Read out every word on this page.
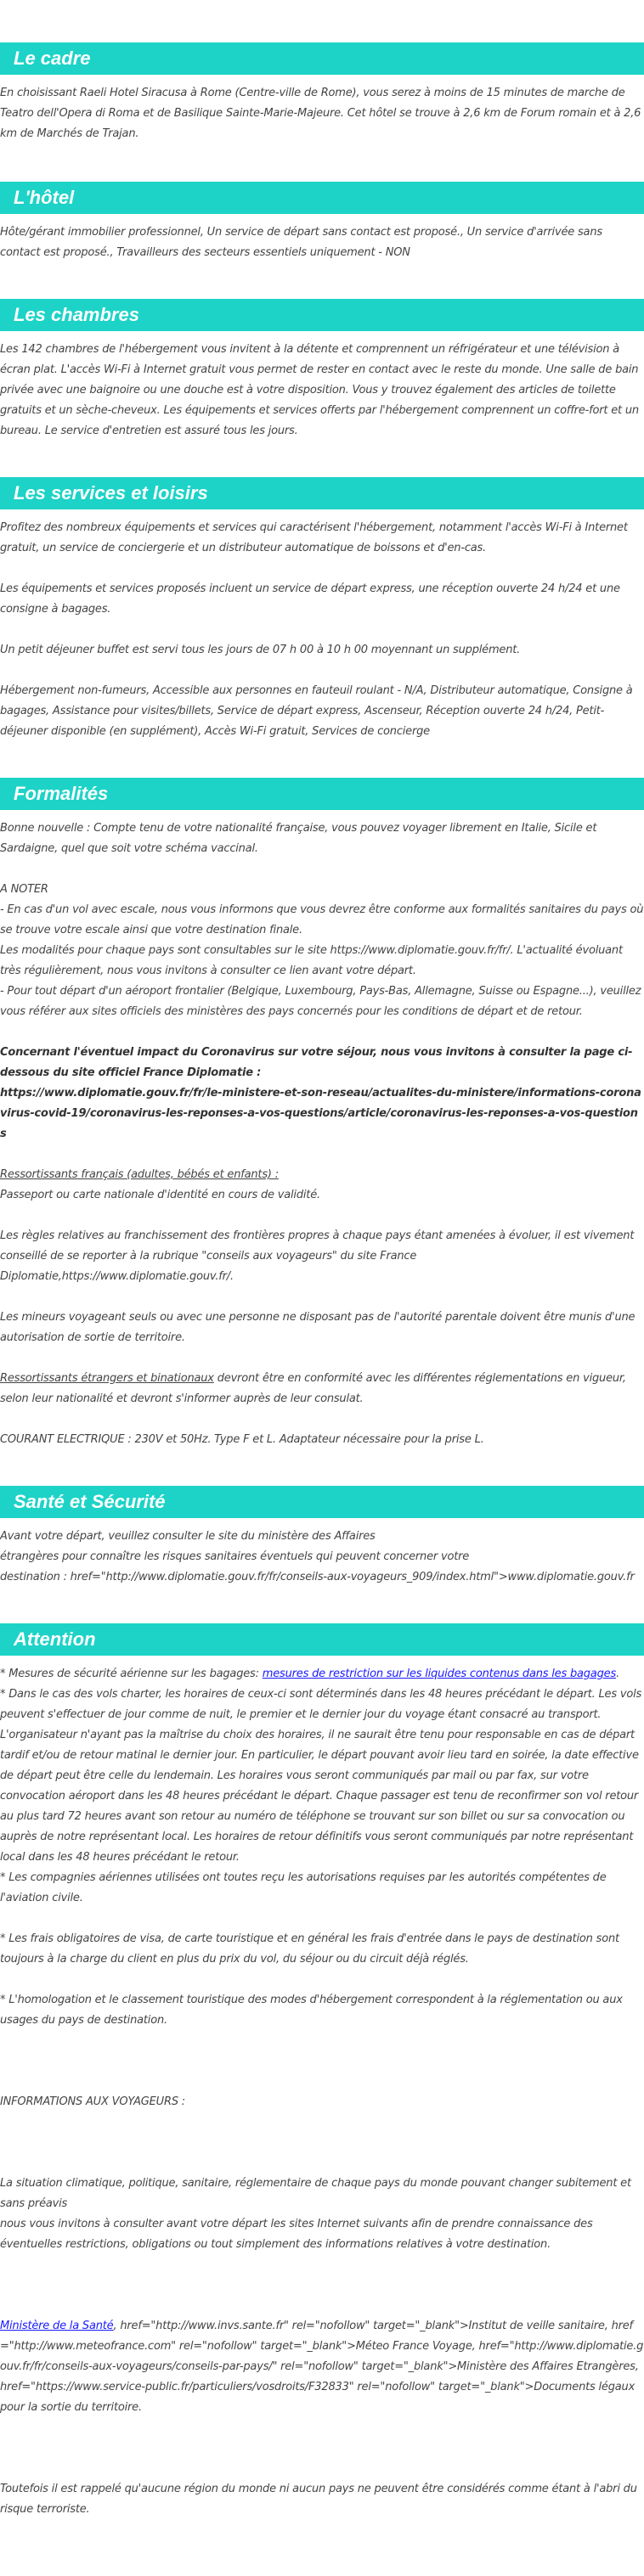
Le cadre

En choisissant Raeli Hotel Siracusa à Rome (Centre-ville de Rome), vous serez à moins de 15 minutes de marche de Teatro dell'Opera di Roma et de Basilique Sainte-Marie-Majeure. Cet hôtel se trouve à 2,6 km de Forum romain et à 2,6 km de Marchés de Trajan.

L'hôtel

Hôte/gérant immobilier professionnel, Un service de départ sans contact est proposé., Un service d'arrivée sans contact est proposé., Travailleurs des secteurs essentiels uniquement - NON

Les chambres

Les 142 chambres de l'hébergement vous invitent à la détente et comprennent un réfrigérateur et une télévision à écran plat. L'accès Wi-Fi à Internet gratuit vous permet de rester en contact avec le reste du monde. Une salle de bain privée avec une baignoire ou une douche est à votre disposition. Vous y trouvez également des articles de toilette gratuits et un sèche-cheveux. Les équipements et services offerts par l'hébergement comprennent un coffre-fort et un bureau. Le service d'entretien est assuré tous les jours.

Les services et loisirs

Profitez des nombreux équipements et services qui caractérisent l'hébergement, notamment l'accès Wi-Fi à Internet gratuit, un service de conciergerie et un distributeur automatique de boissons et d'en-cas.

Les équipements et services proposés incluent un service de départ express, une réception ouverte 24 h/24 et une consigne à bagages.

Un petit déjeuner buffet est servi tous les jours de 07 h 00 à 10 h 00 moyennant un supplément.

Hébergement non-fumeurs, Accessible aux personnes en fauteuil roulant - N/A, Distributeur automatique, Consigne à bagages, Assistance pour visites/billets, Service de départ express, Ascenseur, Réception ouverte 24 h/24, Petit-déjeuner disponible (en supplément), Accès Wi-Fi gratuit, Services de concierge

Formalités

Bonne nouvelle : Compte tenu de votre nationalité française, vous pouvez voyager librement en Italie, Sicile et Sardaigne, quel que soit votre schéma vaccinal.

A NOTER

- En cas d'un vol avec escale, nous vous informons que vous devrez être conforme aux formalités sanitaires du pays où se trouve votre escale ainsi que votre destination finale.

Les modalités pour chaque pays sont consultables sur le site https://www.diplomatie.gouv.fr/fr/. L'actualité évoluant très régulièrement, nous vous invitons à consulter ce lien avant votre départ.

- Pour tout départ d'un aéroport frontalier (Belgique, Luxembourg, Pays-Bas, Allemagne, Suisse ou Espagne...), veuillez vous référer aux sites officiels des ministères des pays concernés pour les conditions de départ et de retour.

Concernant l'éventuel impact du Coronavirus sur votre séjour, nous vous invitons à consulter la page ci-dessous du site officiel France Diplomatie :

https://www.diplomatie.gouv.fr/fr/le-ministere-et-son-reseau/actualites-du-ministere/informations-coronavirus-covid-19/coronavirus-les-reponses-a-vos-questions/article/coronavirus-les-reponses-a-vos-questions

Ressortissants français (adultes, bébés et enfants) :

Passeport ou carte nationale d'identité en cours de validité.

Les règles relatives au franchissement des frontières propres à chaque pays étant amenées à évoluer, il est vivement conseillé de se reporter à la rubrique "conseils aux voyageurs" du site France Diplomatie,https://www.diplomatie.gouv.fr/.

Les mineurs voyageant seuls ou avec une personne ne disposant pas de l'autorité parentale doivent être munis d'une autorisation de sortie de territoire.

Ressortissants étrangers et binationaux devront être en conformité avec les différentes réglementations en vigueur, selon leur nationalité et devront s'informer auprès de leur consulat.

COURANT ELECTRIQUE : 230V et 50Hz. Type F et L. Adaptateur nécessaire pour la prise L.

Santé et Sécurité

Avant votre départ, veuillez consulter le site du ministère des Affaires

étrangères pour connaître les risques sanitaires éventuels qui peuvent concerner votre

destination : href="http://www.diplomatie.gouv.fr/fr/conseils-aux-voyageurs_909/index.html">www.diplomatie.gouv.fr

Attention

* Mesures de sécurité aérienne sur les bagages: mesures de restriction sur les liquides contenus dans les bagages.

* Dans le cas des vols charter, les horaires de ceux-ci sont déterminés dans les 48 heures précédant le départ. Les vols peuvent s'effectuer de jour comme de nuit, le premier et le dernier jour du voyage étant consacré au transport. L'organisateur n'ayant pas la maîtrise du choix des horaires, il ne saurait être tenu pour responsable en cas de départ tardif et/ou de retour matinal le dernier jour. En particulier, le départ pouvant avoir lieu tard en soirée, la date effective de départ peut être celle du lendemain. Les horaires vous seront communiqués par mail ou par fax, sur votre convocation aéroport dans les 48 heures précédant le départ. Chaque passager est tenu de reconfirmer son vol retour au plus tard 72 heures avant son retour au numéro de téléphone se trouvant sur son billet ou sur sa convocation ou auprès de notre représentant local. Les horaires de retour définitifs vous seront communiqués par notre représentant local dans les 48 heures précédant le retour.

* Les compagnies aériennes utilisées ont toutes reçu les autorisations requises par les autorités compétentes de l'aviation civile.

* Les frais obligatoires de visa, de carte touristique et en général les frais d'entrée dans le pays de destination sont toujours à la charge du client en plus du prix du vol, du séjour ou du circuit déjà réglés.

* L'homologation et le classement touristique des modes d'hébergement correspondent à la réglementation ou aux usages du pays de destination.

INFORMATIONS AUX VOYAGEURS :

La situation climatique, politique, sanitaire, réglementaire de chaque pays du monde pouvant changer subitement et sans préavis

nous vous invitons à consulter avant votre départ les sites Internet suivants afin de prendre connaissance des éventuelles restrictions, obligations ou tout simplement des informations relatives à votre destination.

Ministère de la Santé, href="http://www.invs.sante.fr" rel="nofollow" target="_blank">Institut de veille sanitaire, href="http://www.meteofrance.com" rel="nofollow" target="_blank">Méteo France Voyage, href="http://www.diplomatie.gouv.fr/fr/conseils-aux-voyageurs/conseils-par-pays/" rel="nofollow" target="_blank">Ministère des Affaires Etrangères, href="https://www.service-public.fr/particuliers/vosdroits/F32833" rel="nofollow" target="_blank">Documents légaux pour la sortie du territoire.

Toutefois il est rappelé qu'aucune région du monde ni aucun pays ne peuvent être considérés comme étant à l'abri du risque terroriste.
